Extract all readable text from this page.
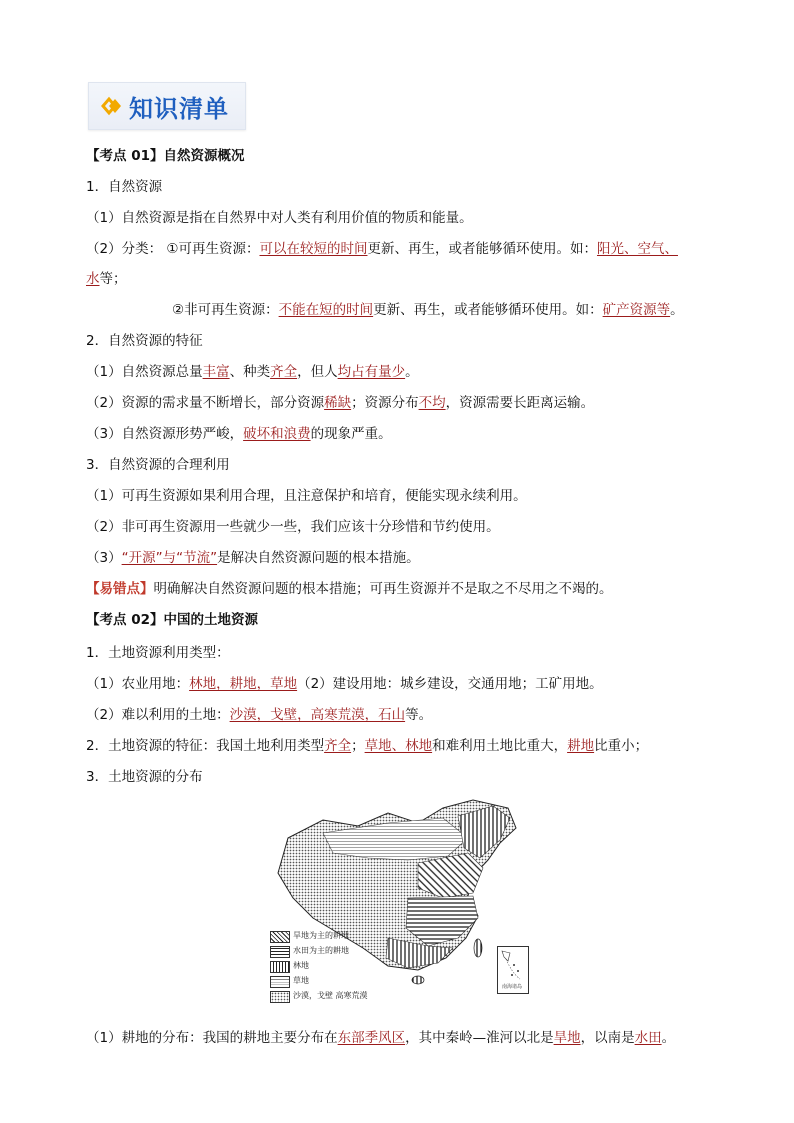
知识清单
【考点 01】自然资源概况
1．自然资源
（1）自然资源是指在自然界中对人类有利用价值的物质和能量。
（2）分类： ①可再生资源：可以在较短的时间更新、再生，或者能够循环使用。如：阳光、空气、
水等；
②非可再生资源：不能在短的时间更新、再生，或者能够循环使用。如：矿产资源等。
2．自然资源的特征
（1）自然资源总量丰富、种类齐全，但人均占有量少。
（2）资源的需求量不断增长，部分资源稀缺；资源分布不均，资源需要长距离运输。
（3）自然资源形势严峻，破坏和浪费的现象严重。
3．自然资源的合理利用
（1）可再生资源如果利用合理，且注意保护和培育，便能实现永续利用。
（2）非可再生资源用一些就少一些，我们应该十分珍惜和节约使用。
（3）“开源”与“节流”是解决自然资源问题的根本措施。
【易错点】明确解决自然资源问题的根本措施；可再生资源并不是取之不尽用之不竭的。
【考点 02】中国的土地资源
1．土地资源利用类型：
（1）农业用地：林地，耕地，草地（2）建设用地：城乡建设，交通用地；工矿用地。
（2）难以利用的土地：沙漠，戈壁，高寒荒漠，石山等。
2．土地资源的特征：我国土地利用类型齐全；草地、林地和难利用土地比重大，耕地比重小；
3．土地资源的分布
旱地为主的耕地
水田为主的耕地
林地
草地
沙漠，戈壁 高寒荒漠
南海诸岛
（1）耕地的分布：我国的耕地主要分布在东部季风区，其中秦岭—淮河以北是旱地，以南是水田。
